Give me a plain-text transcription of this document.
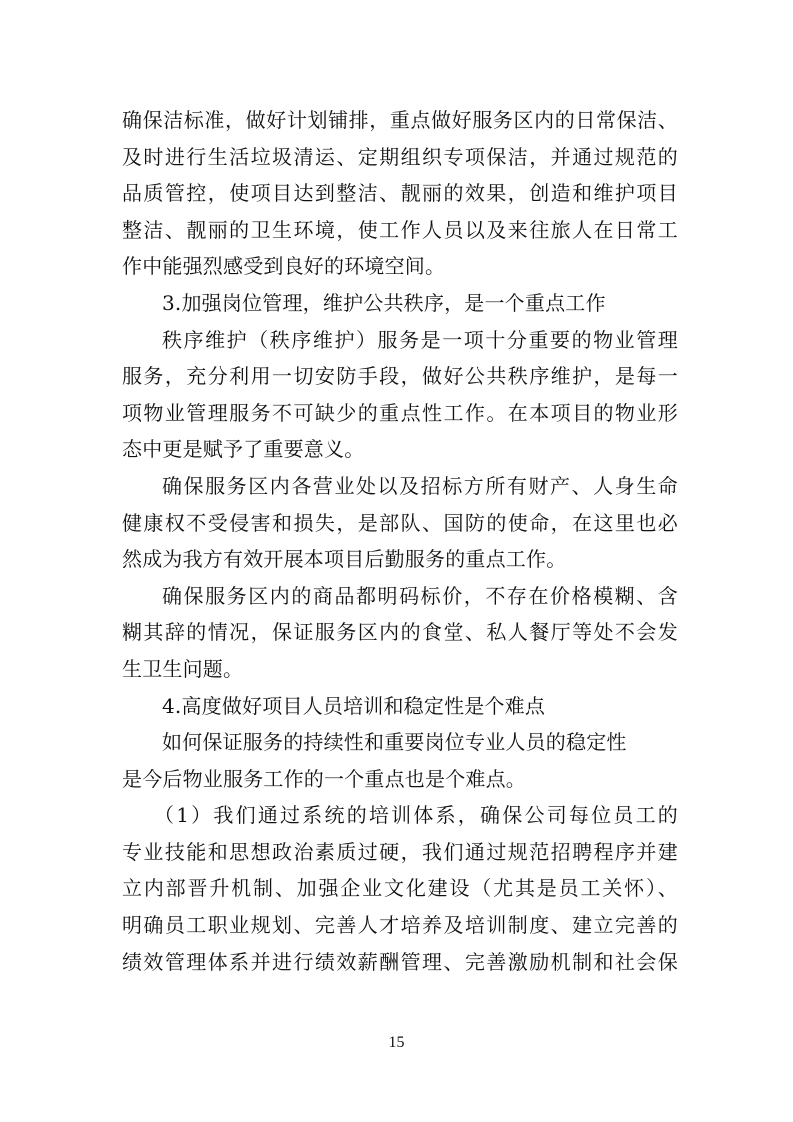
确保洁标准，做好计划铺排，重点做好服务区内的日常保洁、
及时进行生活垃圾清运、定期组织专项保洁，并通过规范的
品质管控，使项目达到整洁、靓丽的效果，创造和维护项目
整洁、靓丽的卫生环境，使工作人员以及来往旅人在日常工
作中能强烈感受到良好的环境空间。
3.加强岗位管理，维护公共秩序，是一个重点工作
秩序维护（秩序维护）服务是一项十分重要的物业管理
服务，充分利用一切安防手段，做好公共秩序维护，是每一
项物业管理服务不可缺少的重点性工作。在本项目的物业形
态中更是赋予了重要意义。
确保服务区内各营业处以及招标方所有财产、人身生命
健康权不受侵害和损失，是部队、国防的使命，在这里也必
然成为我方有效开展本项目后勤服务的重点工作。
确保服务区内的商品都明码标价，不存在价格模糊、含
糊其辞的情况，保证服务区内的食堂、私人餐厅等处不会发
生卫生问题。
4.高度做好项目人员培训和稳定性是个难点
如何保证服务的持续性和重要岗位专业人员的稳定性
是今后物业服务工作的一个重点也是个难点。
（1）我们通过系统的培训体系，确保公司每位员工的
专业技能和思想政治素质过硬，我们通过规范招聘程序并建
立内部晋升机制、加强企业文化建设（尤其是员工关怀）、
明确员工职业规划、完善人才培养及培训制度、建立完善的
绩效管理体系并进行绩效薪酬管理、完善激励机制和社会保
15
